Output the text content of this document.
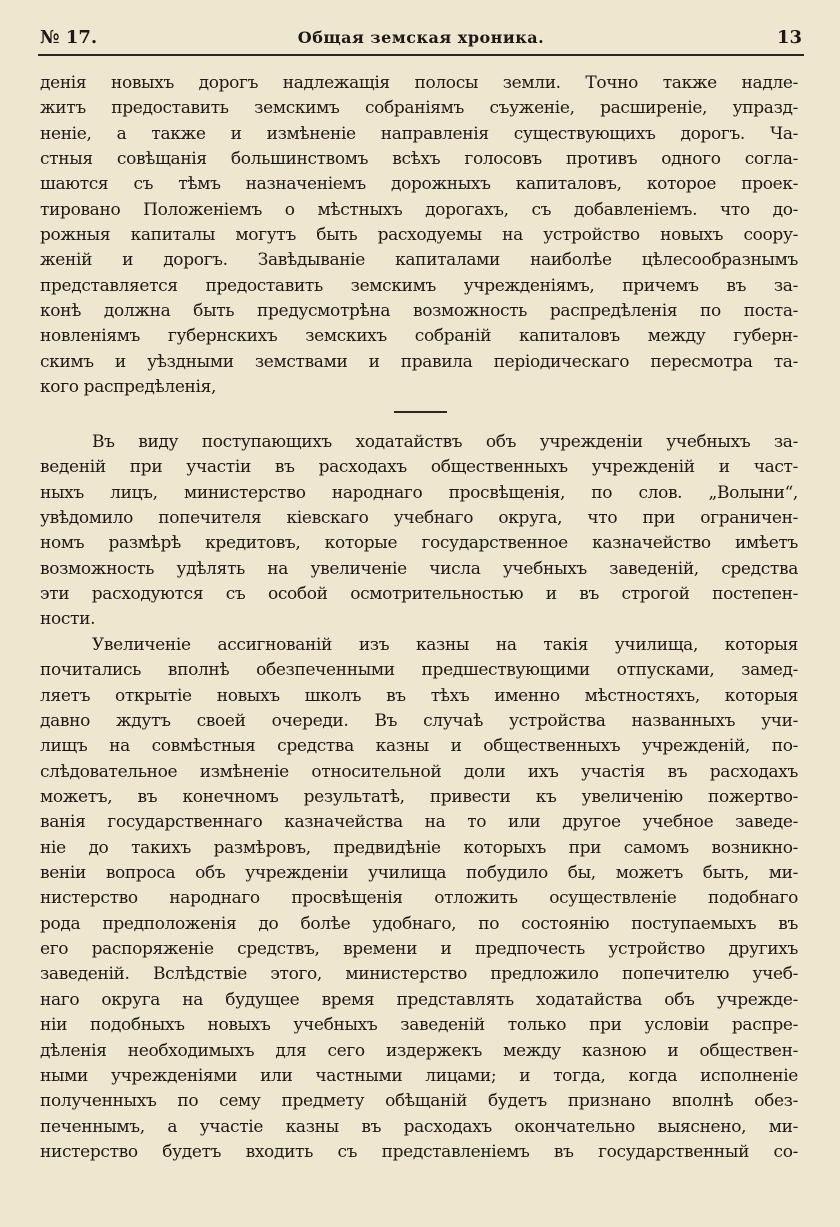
№ 17.	Общая земская хроника.	13
денія новыхъ дорогъ надлежащія полосы земли. Точно также надле-
житъ предоставить земскимъ собраніямъ съуженіе, расширеніе, упразд-
неніе, а также и измѣненіе направленія существующихъ дорогъ. Ча-
стныя совѣщанія большинствомъ всѣхъ голосовъ противъ одного согла-
шаются съ тѣмъ назначеніемъ дорожныхъ капиталовъ, которое проек-
тировано Положеніемъ о мѣстныхъ дорогахъ, съ добавленіемъ. что до-
рожныя капиталы могутъ быть расходуемы на устройство новыхъ соору-
женій и дорогъ. Завѣдываніе капиталами наиболѣе цѣлесообразнымъ
представляется предоставить земскимъ учрежденіямъ, причемъ въ за-
конѣ должна быть предусмотрѣна возможность распредѣленія по поста-
новленіямъ губернскихъ земскихъ собраній капиталовъ между губерн-
скимъ и уѣздными земствами и правила періодическаго пересмотра та-
кого распредѣленія,
Въ виду поступающихъ ходатайствъ объ учрежденіи учебныхъ за-
веденій при участіи въ расходахъ общественныхъ учрежденій и част-
ныхъ лицъ, министерство народнаго просвѣщенія, по слов. „Волыни“,
увѣдомило попечителя кіевскаго учебнаго округа, что при ограничен-
номъ размѣрѣ кредитовъ, которые государственное казначейство имѣетъ
возможность удѣлять на увеличеніе числа учебныхъ заведеній, средства
эти расходуются съ особой осмотрительностью и въ строгой постепен-
ности.
Увеличеніе ассигнованій изъ казны на такія училища, которыя
почитались вполнѣ обезпеченными предшествующими отпусками, замед-
ляетъ открытіе новыхъ школъ въ тѣхъ именно мѣстностяхъ, которыя
давно ждутъ своей очереди. Въ случаѣ устройства названныхъ учи-
лищъ на совмѣстныя средства казны и общественныхъ учрежденій, по-
слѣдовательное измѣненіе относительной доли ихъ участія въ расходахъ
можетъ, въ конечномъ результатѣ, привести къ увеличенію пожертво-
ванія государственнаго казначейства на то или другое учебное заведе-
ніе до такихъ размѣровъ, предвидѣніе которыхъ при самомъ возникно-
веніи вопроса объ учрежденіи училища побудило бы, можетъ быть, ми-
нистерство народнаго просвѣщенія отложить осуществленіе подобнаго
рода предположенія до болѣе удобнаго, по состоянію поступаемыхъ въ
его распоряженіе средствъ, времени и предпочесть устройство другихъ
заведеній. Вслѣдствіе этого, министерство предложило попечителю учеб-
наго округа на будущее время представлять ходатайства объ учрежде-
ніи подобныхъ новыхъ учебныхъ заведеній только при условіи распре-
дѣленія необходимыхъ для сего издержекъ между казною и обществен-
ными учрежденіями или частными лицами; и тогда, когда исполненіе
полученныхъ по сему предмету обѣщаній будетъ признано вполнѣ обез-
печеннымъ, а участіе казны въ расходахъ окончательно выяснено, ми-
нистерство будетъ входить съ представленіемъ въ государственный со-
